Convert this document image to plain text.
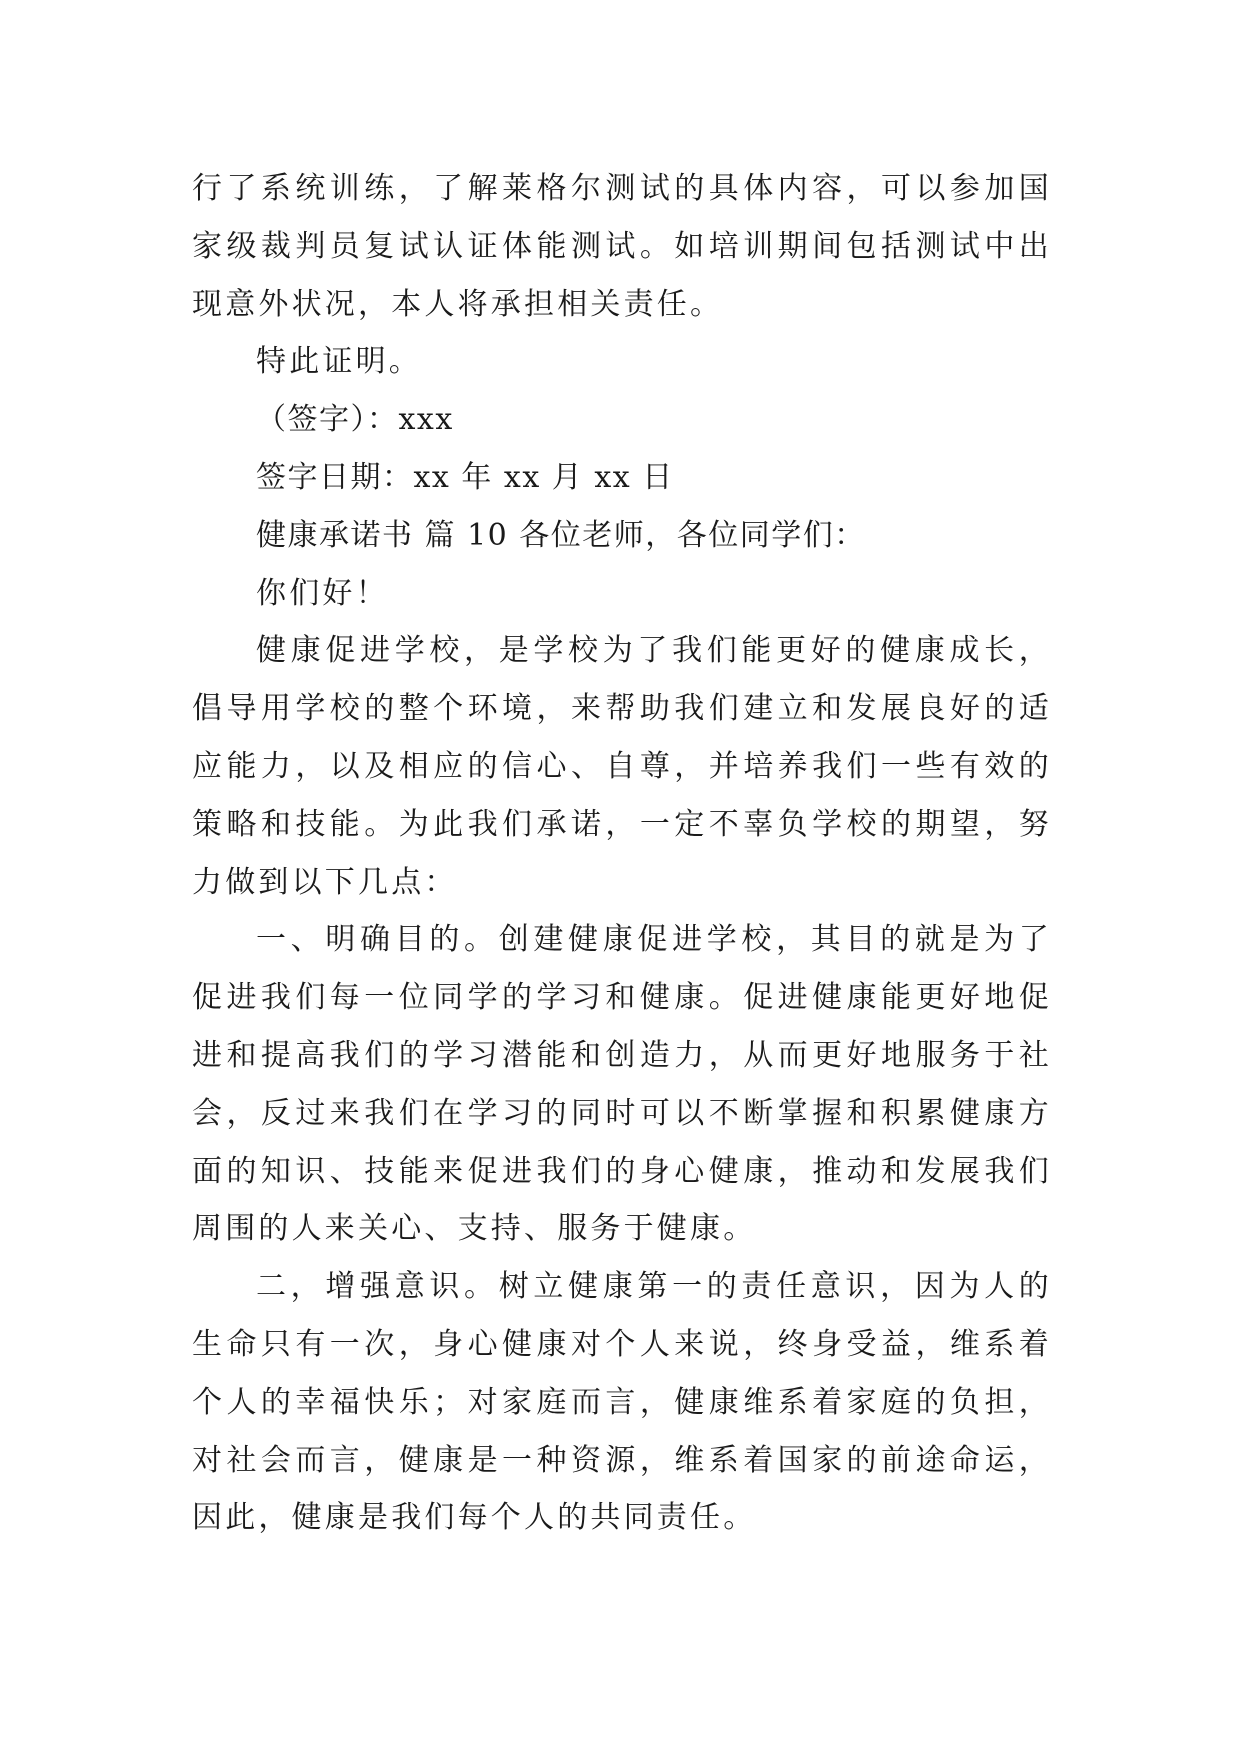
行了系统训练，了解莱格尔测试的具体内容，可以参加国家级裁判员复试认证体能测试。如培训期间包括测试中出现意外状况，本人将承担相关责任。

特此证明。

（签字）：xxx

签字日期：xx 年 xx 月 xx 日

健康承诺书 篇 10 各位老师，各位同学们：

你们好！

健康促进学校，是学校为了我们能更好的健康成长，倡导用学校的整个环境，来帮助我们建立和发展良好的适应能力，以及相应的信心、自尊，并培养我们一些有效的策略和技能。为此我们承诺，一定不辜负学校的期望，努力做到以下几点：

一、明确目的。创建健康促进学校，其目的就是为了促进我们每一位同学的学习和健康。促进健康能更好地促进和提高我们的学习潜能和创造力，从而更好地服务于社会，反过来我们在学习的同时可以不断掌握和积累健康方面的知识、技能来促进我们的身心健康，推动和发展我们周围的人来关心、支持、服务于健康。

二，增强意识。树立健康第一的责任意识，因为人的生命只有一次，身心健康对个人来说，终身受益，维系着个人的幸福快乐；对家庭而言，健康维系着家庭的负担，对社会而言，健康是一种资源，维系着国家的前途命运，因此，健康是我们每个人的共同责任。
